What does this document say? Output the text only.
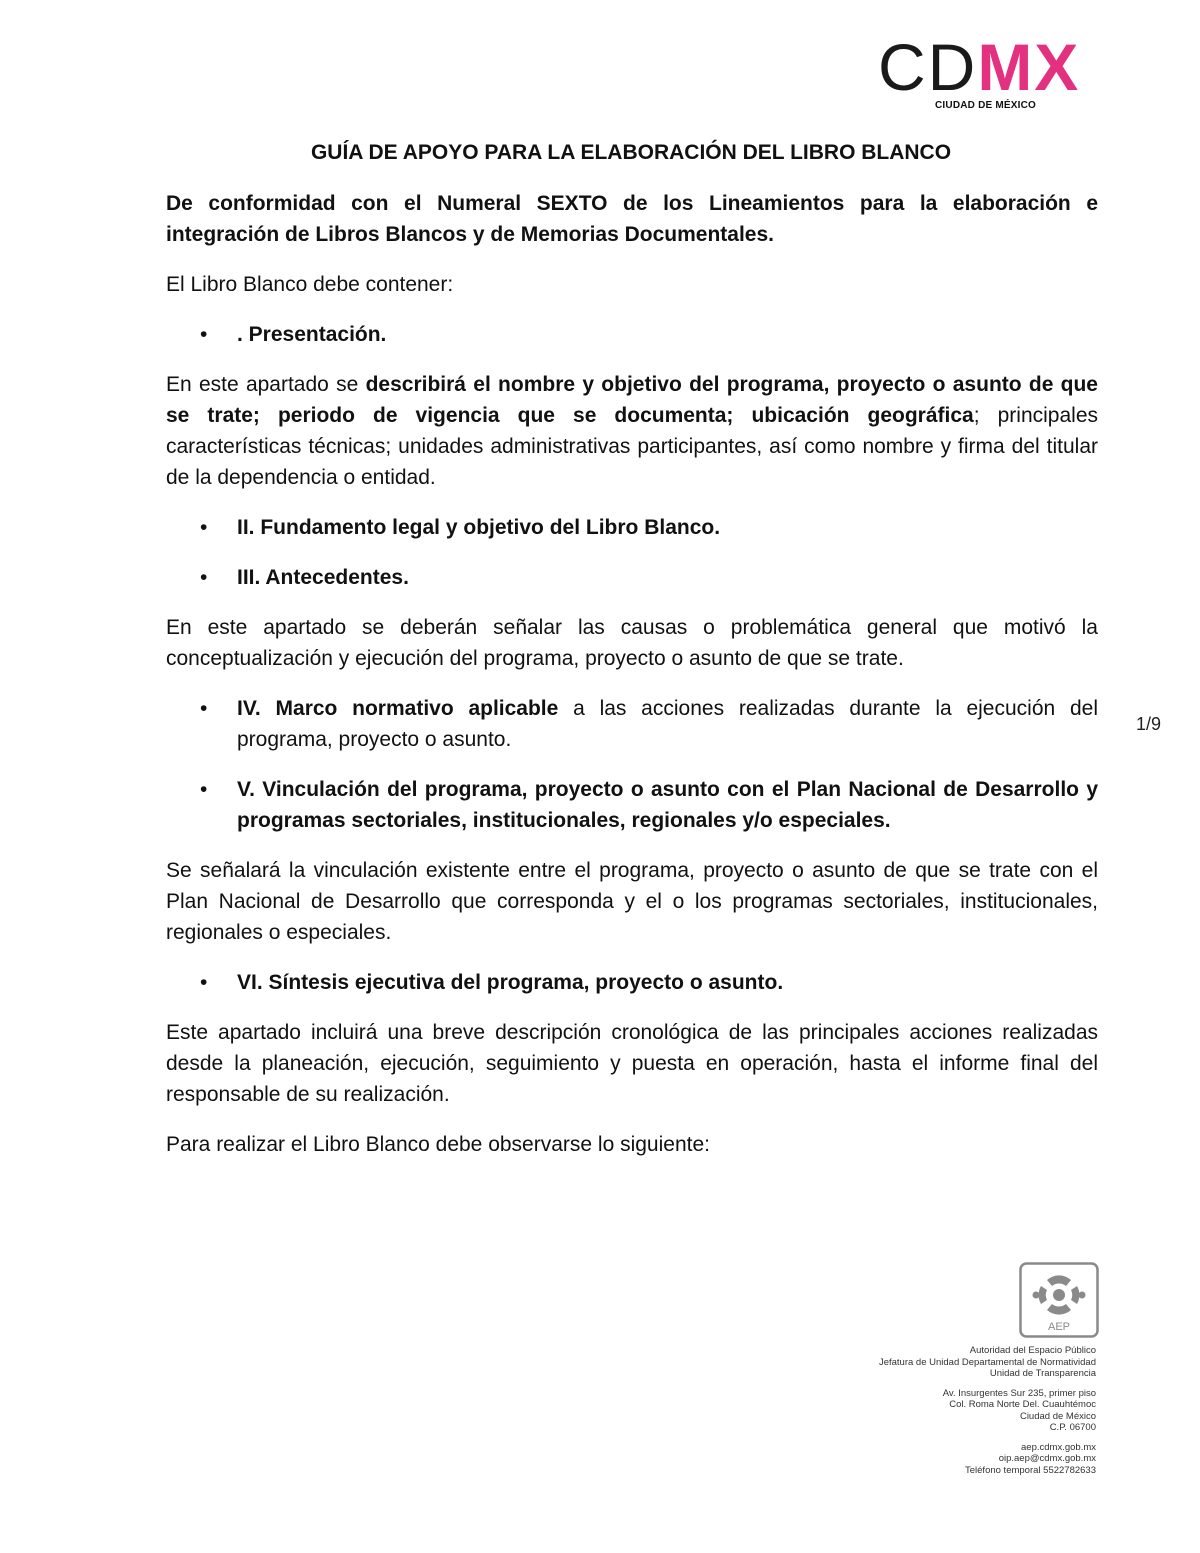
CDMX
CIUDAD DE MÉXICO
GUÍA DE APOYO PARA LA ELABORACIÓN DEL LIBRO BLANCO

De conformidad con el Numeral SEXTO de los Lineamientos para la elaboración e integración de Libros Blancos y de Memorias Documentales.

El Libro Blanco debe contener:

• . Presentación.

En este apartado se describirá el nombre y objetivo del programa, proyecto o asunto de que se trate; periodo de vigencia que se documenta; ubicación geográfica; principales características técnicas; unidades administrativas participantes, así como nombre y firma del titular de la dependencia o entidad.

• II. Fundamento legal y objetivo del Libro Blanco.
• III. Antecedentes.

En este apartado se deberán señalar las causas o problemática general que motivó la conceptualización y ejecución del programa, proyecto o asunto de que se trate.

• IV. Marco normativo aplicable a las acciones realizadas durante la ejecución del programa, proyecto o asunto.
• V. Vinculación del programa, proyecto o asunto con el Plan Nacional de Desarrollo y programas sectoriales, institucionales, regionales y/o especiales.

Se señalará la vinculación existente entre el programa, proyecto o asunto de que se trate con el Plan Nacional de Desarrollo que corresponda y el o los programas sectoriales, institucionales, regionales o especiales.

• VI. Síntesis ejecutiva del programa, proyecto o asunto.

Este apartado incluirá una breve descripción cronológica de las principales acciones realizadas desde la planeación, ejecución, seguimiento y puesta en operación, hasta el informe final del responsable de su realización.

Para realizar el Libro Blanco debe observarse lo siguiente:

1/9
AEP
Autoridad del Espacio Público
Jefatura de Unidad Departamental de Normatividad
Unidad de Transparencia
Av. Insurgentes Sur 235, primer piso
Col. Roma Norte Del. Cuauhtémoc
Ciudad de México
C.P. 06700
aep.cdmx.gob.mx
oip.aep@cdmx.gob.mx
Teléfono temporal 5522782633
